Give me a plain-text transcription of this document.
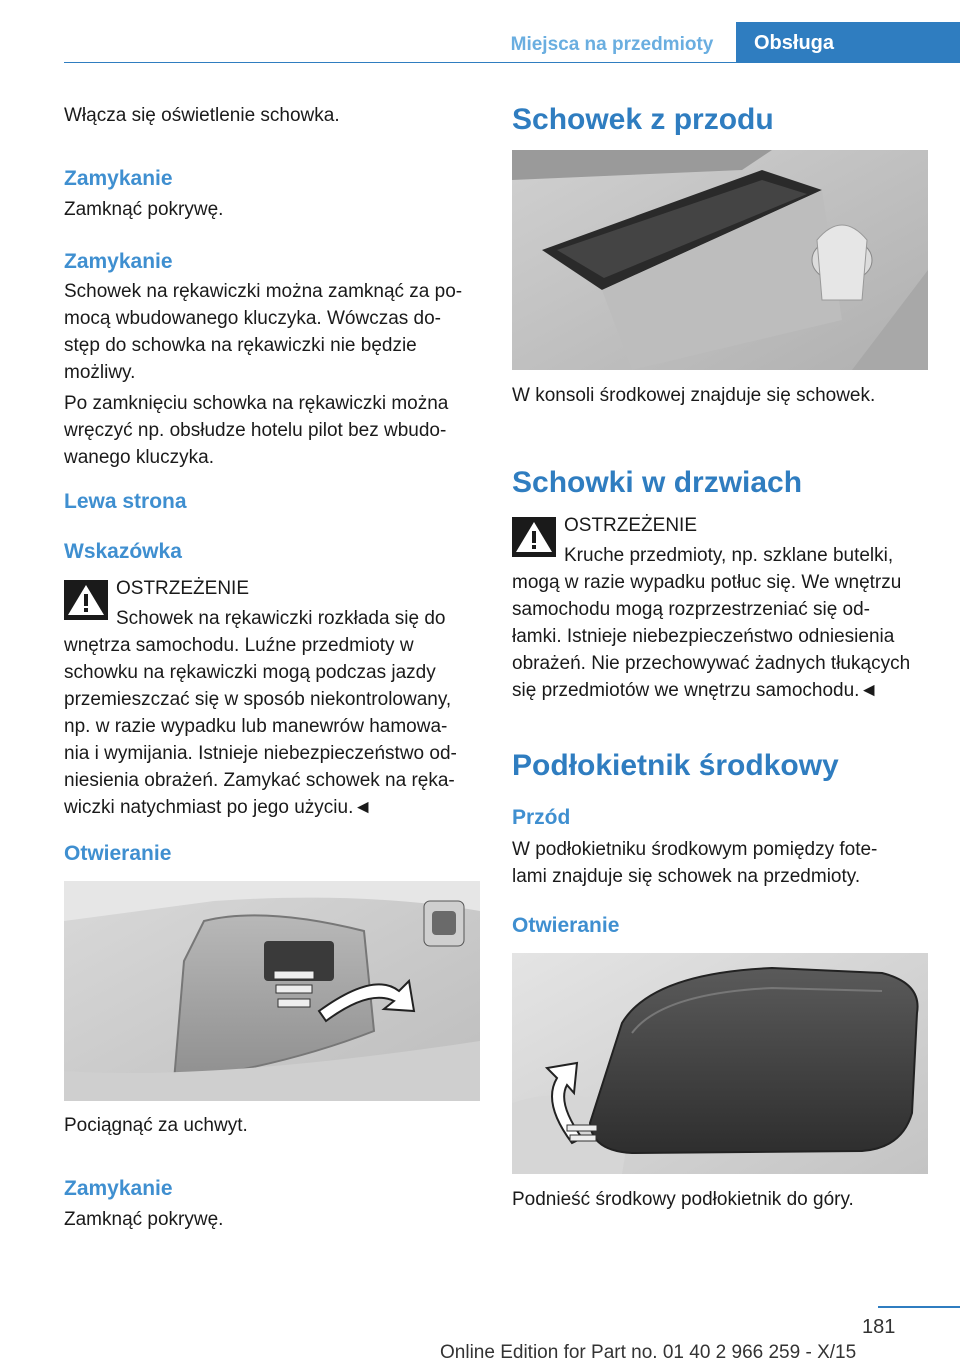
Miejsca na przedmioty	Obsługa

Włącza się oświetlenie schowka.

Zamykanie

Zamknąć pokrywę.

Zamykanie

Schowek na rękawiczki można zamknąć za po-

mocą wbudowanego kluczyka. Wówczas do-

stęp do schowka na rękawiczki nie będzie

możliwy.

Po zamknięciu schowka na rękawiczki można

wręczyć np. obsłudze hotelu pilot bez wbudo-

wanego kluczyka.

Lewa strona
Wskazówka

OSTRZEŻENIE

Schowek na rękawiczki rozkłada się do

wnętrza samochodu. Luźne przedmioty w

schowku na rękawiczki mogą podczas jazdy

przemieszczać się w sposób niekontrolowany,

np. w razie wypadku lub manewrów hamowa-

nia i wymijania. Istnieje niebezpieczeństwo od-

niesienia obrażeń. Zamykać schowek na ręka-

wiczki natychmiast po jego użyciu.◄

Otwieranie

Pociągnąć za uchwyt.

Zamykanie

Zamknąć pokrywę.

Schowek z przodu

W konsoli środkowej znajduje się schowek.

Schowki w drzwiach

OSTRZEŻENIE

Kruche przedmioty, np. szklane butelki,

mogą w razie wypadku potłuc się. We wnętrzu

samochodu mogą rozprzestrzeniać się od-

łamki. Istnieje niebezpieczeństwo odniesienia

obrażeń. Nie przechowywać żadnych tłukących

się przedmiotów we wnętrzu samochodu.◄

Podłokietnik środkowy
Przód

W podłokietniku środkowym pomiędzy fote-

lami znajduje się schowek na przedmioty.

Otwieranie

Podnieść środkowy podłokietnik do góry.

181
Online Edition for Part no. 01 40 2 966 259 - X/15
